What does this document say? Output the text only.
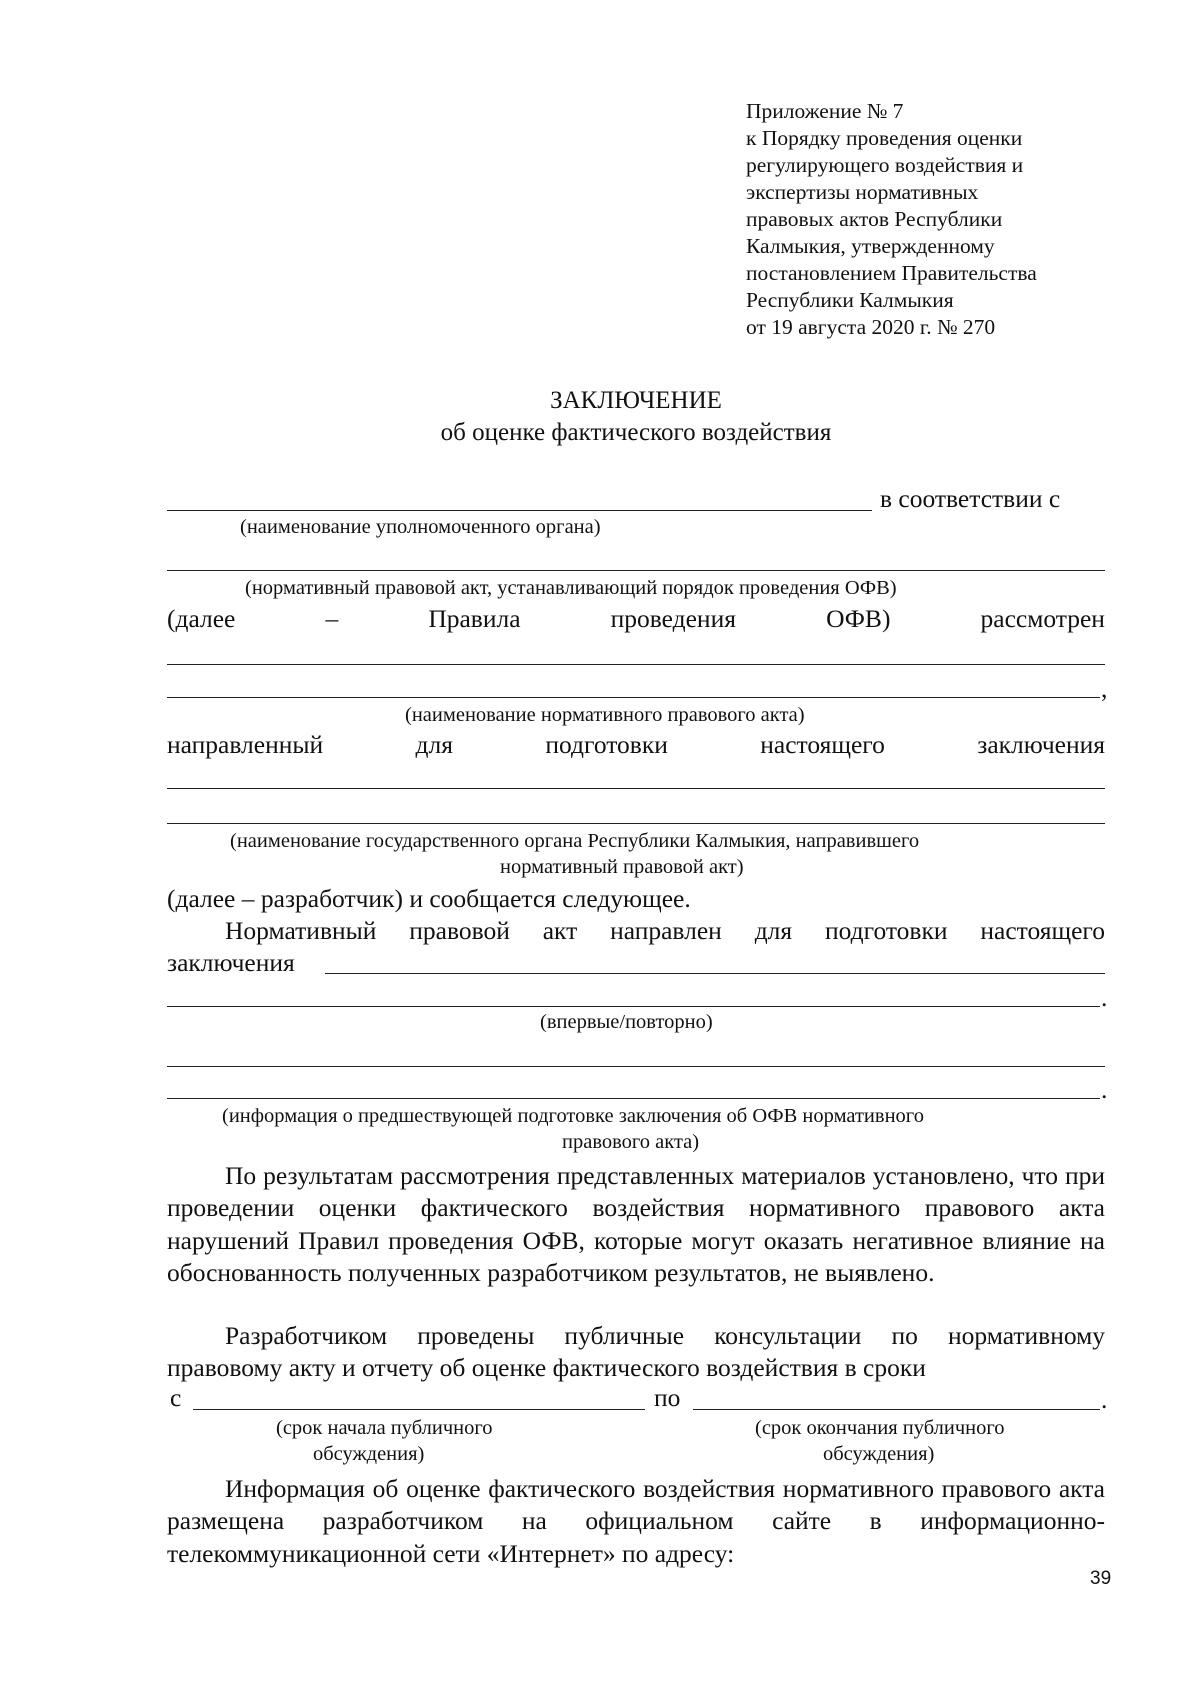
Приложение № 7
к Порядку проведения оценки
регулирующего воздействия и
экспертизы нормативных
правовых актов Республики
Калмыкия, утвержденному
постановлением Правительства
Республики Калмыкия
от 19 августа 2020 г. № 270
ЗАКЛЮЧЕНИЕ
об оценке фактического воздействия
в соответствии с
(наименование уполномоченного органа)
(нормативный правовой акт, устанавливающий порядок проведения ОФВ)
(далее	–	Правила	проведения	ОФВ)	рассмотрен
,
(наименование нормативного правового акта)
направленный	для	подготовки	настоящего	заключения
(наименование государственного органа Республики Калмыкия, направившего
нормативный правовой акт)
(далее – разработчик) и сообщается следующее.
Нормативный правовой акт направлен для подготовки настоящего
заключения
.
(впервые/повторно)
.
(информация о предшествующей подготовке заключения об ОФВ нормативного
правового акта)
По результатам рассмотрения представленных материалов установлено, что при проведении оценки фактического воздействия нормативного правового акта нарушений Правил проведения ОФВ, которые могут оказать негативное влияние на обоснованность полученных разработчиком результатов, не выявлено.
Разработчиком проведены публичные консультации по нормативному правовому акту и отчету об оценке фактического воздействия в сроки
с	по	.
(срок начала публичного
обсуждения)
(срок окончания публичного
обсуждения)
Информация об оценке фактического воздействия нормативного правового акта размещена разработчиком на официальном сайте в информационно-телекоммуникационной сети «Интернет» по адресу:
39
